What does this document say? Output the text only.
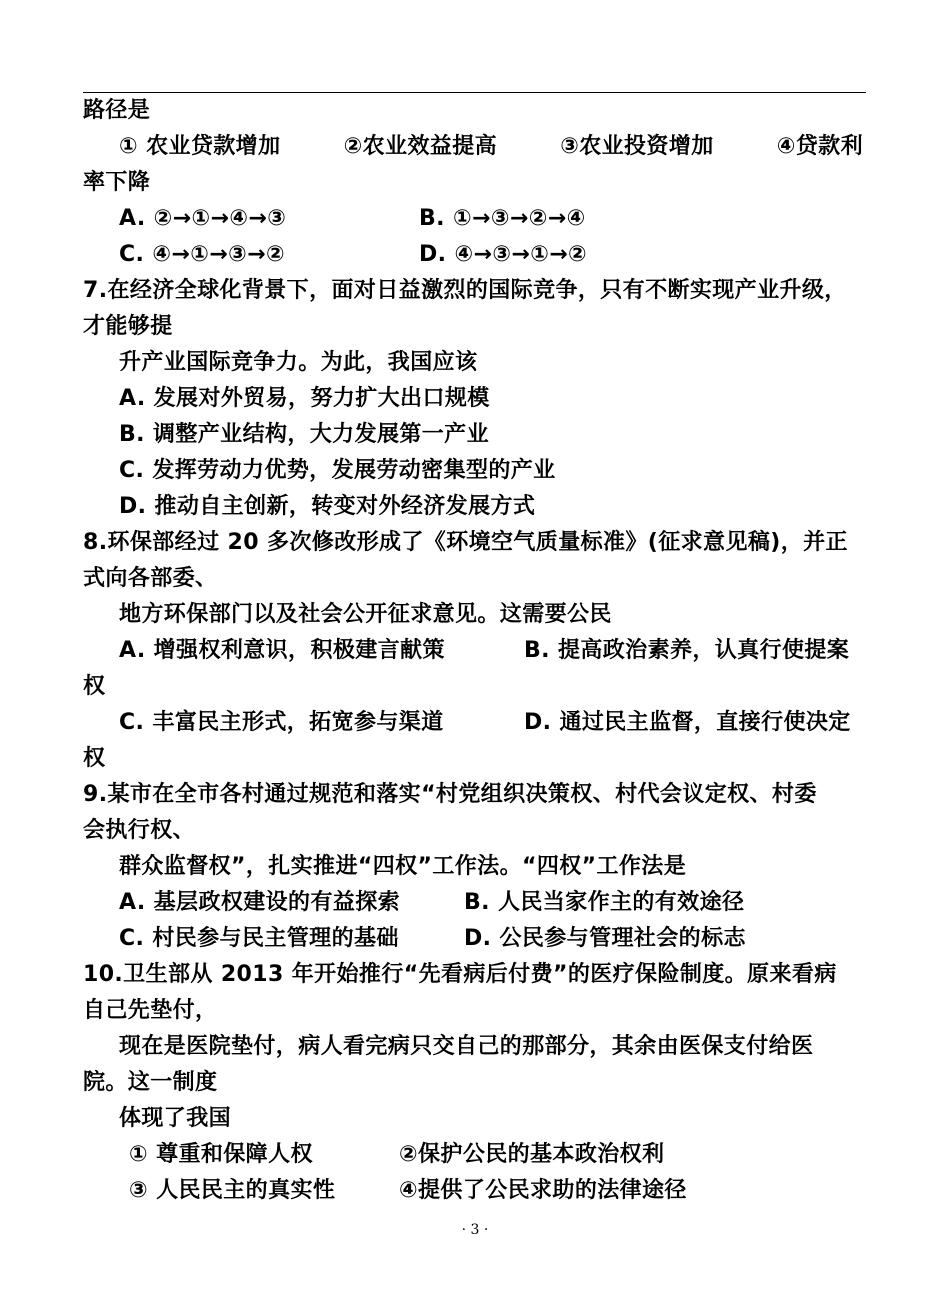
路径是
① 农业贷款增加	②农业效益提高	③农业投资增加	④贷款利
率下降
A. ②→①→④→③	B. ①→③→②→④
C. ④→①→③→②	D. ④→③→①→②
7.在经济全球化背景下，面对日益激烈的国际竞争，只有不断实现产业升级，
才能够提
升产业国际竞争力。为此，我国应该
A. 发展对外贸易，努力扩大出口规模
B. 调整产业结构，大力发展第一产业
C. 发挥劳动力优势，发展劳动密集型的产业
D. 推动自主创新，转变对外经济发展方式
8.环保部经过 20 多次修改形成了《环境空气质量标准》(征求意见稿)，并正
式向各部委、
地方环保部门以及社会公开征求意见。这需要公民
A. 增强权利意识，积极建言献策	B. 提高政治素养，认真行使提案
权
C. 丰富民主形式，拓宽参与渠道	D. 通过民主监督，直接行使决定
权
9.某市在全市各村通过规范和落实“村党组织决策权、村代会议定权、村委
会执行权、
群众监督权”，扎实推进“四权”工作法。“四权”工作法是
A. 基层政权建设的有益探索	B. 人民当家作主的有效途径
C. 村民参与民主管理的基础	D. 公民参与管理社会的标志
10.卫生部从 2013 年开始推行“先看病后付费”的医疗保险制度。原来看病
自己先垫付，
现在是医院垫付，病人看完病只交自己的那部分，其余由医保支付给医
院。这一制度
体现了我国
① 尊重和保障人权	②保护公民的基本政治权利
③ 人民民主的真实性	④提供了公民求助的法律途径
· 3 ·
